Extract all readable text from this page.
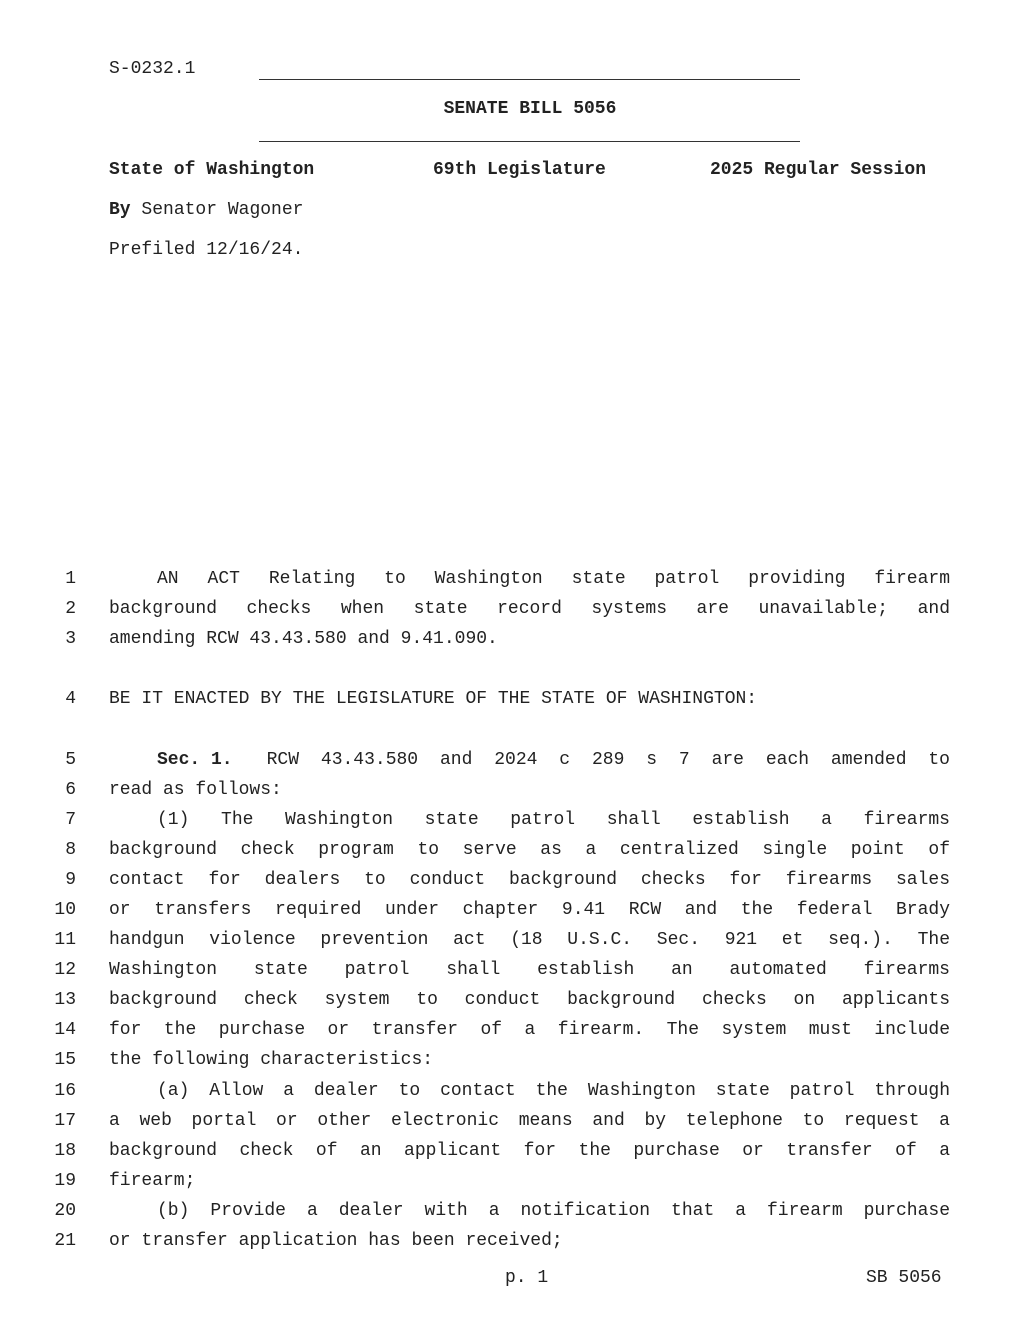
S-0232.1
SENATE BILL 5056
State of Washington	69th Legislature	2025 Regular Session
By Senator Wagoner
Prefiled 12/16/24.
1	AN ACT Relating to Washington state patrol providing firearm
2 background checks when state record systems are unavailable; and
3 amending RCW 43.43.580 and 9.41.090.
4 BE IT ENACTED BY THE LEGISLATURE OF THE STATE OF WASHINGTON:
5	Sec. 1. RCW 43.43.580 and 2024 c 289 s 7 are each amended to
6 read as follows:
7	(1) The Washington state patrol shall establish a firearms
8 background check program to serve as a centralized single point of
9 contact for dealers to conduct background checks for firearms sales
10 or transfers required under chapter 9.41 RCW and the federal Brady
11 handgun violence prevention act (18 U.S.C. Sec. 921 et seq.). The
12 Washington state patrol shall establish an automated firearms
13 background check system to conduct background checks on applicants
14 for the purchase or transfer of a firearm. The system must include
15 the following characteristics:
16	(a) Allow a dealer to contact the Washington state patrol through
17 a web portal or other electronic means and by telephone to request a
18 background check of an applicant for the purchase or transfer of a
19 firearm;
20	(b) Provide a dealer with a notification that a firearm purchase
21 or transfer application has been received;
p. 1	SB 5056
